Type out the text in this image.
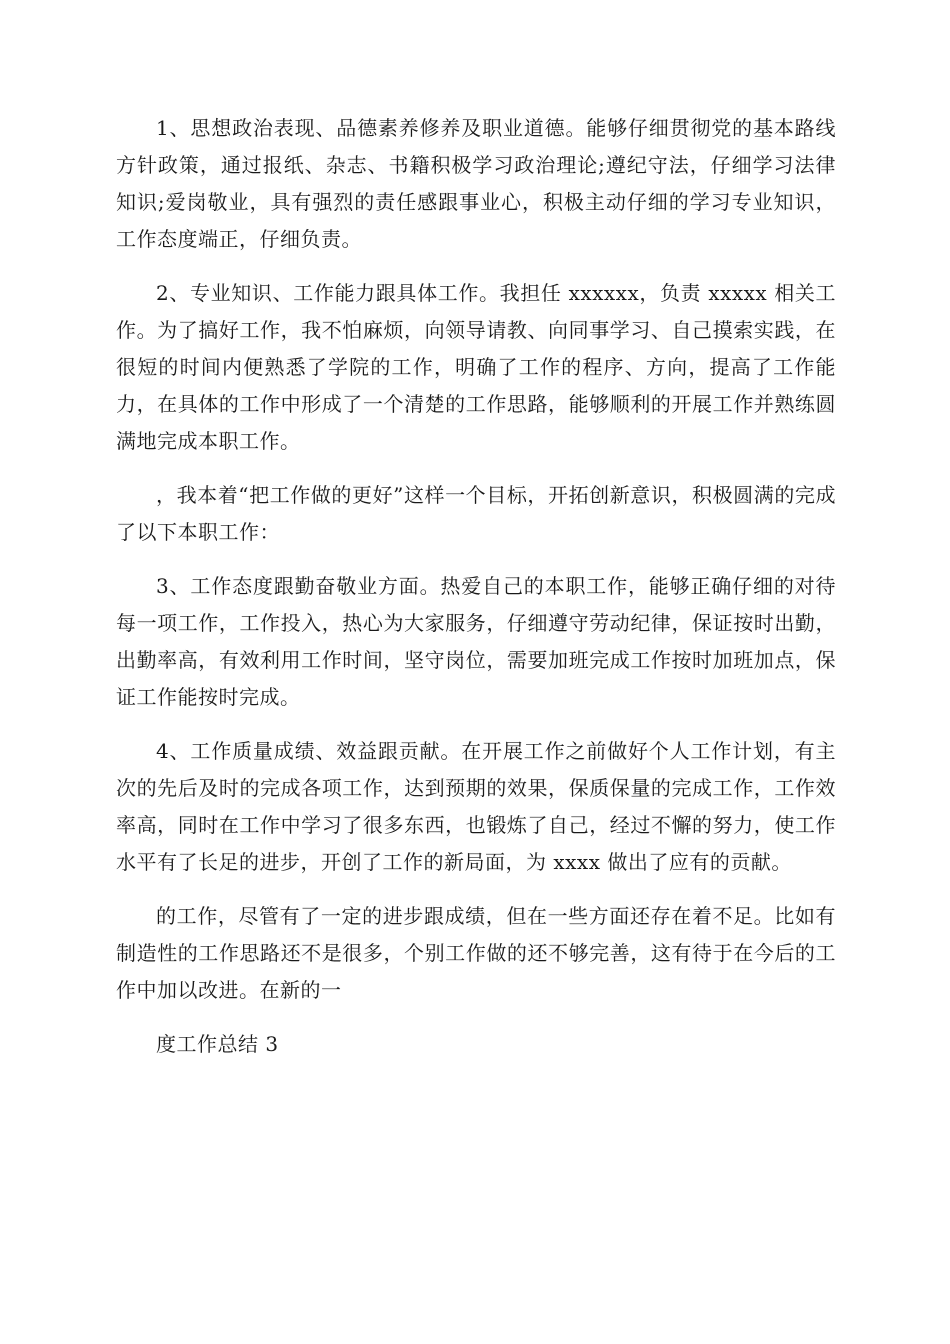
1、思想政治表现、品德素养修养及职业道德。能够仔细贯彻党的基本路线方针政策，通过报纸、杂志、书籍积极学习政治理论;遵纪守法，仔细学习法律知识;爱岗敬业，具有强烈的责任感跟事业心，积极主动仔细的学习专业知识，工作态度端正，仔细负责。

2、专业知识、工作能力跟具体工作。我担任 xxxxxx，负责 xxxxx 相关工作。为了搞好工作，我不怕麻烦，向领导请教、向同事学习、自己摸索实践，在很短的时间内便熟悉了学院的工作，明确了工作的程序、方向，提高了工作能力，在具体的工作中形成了一个清楚的工作思路，能够顺利的开展工作并熟练圆满地完成本职工作。

，我本着“把工作做的更好”这样一个目标，开拓创新意识，积极圆满的完成了以下本职工作：

3、工作态度跟勤奋敬业方面。热爱自己的本职工作，能够正确仔细的对待每一项工作，工作投入，热心为大家服务，仔细遵守劳动纪律，保证按时出勤，出勤率高，有效利用工作时间，坚守岗位，需要加班完成工作按时加班加点，保证工作能按时完成。

4、工作质量成绩、效益跟贡献。在开展工作之前做好个人工作计划，有主次的先后及时的完成各项工作，达到预期的效果，保质保量的完成工作，工作效率高，同时在工作中学习了很多东西，也锻炼了自己，经过不懈的努力，使工作水平有了长足的进步，开创了工作的新局面，为 xxxx 做出了应有的贡献。

的工作，尽管有了一定的进步跟成绩，但在一些方面还存在着不足。比如有制造性的工作思路还不是很多，个别工作做的还不够完善，这有待于在今后的工作中加以改进。在新的一

度工作总结 3
